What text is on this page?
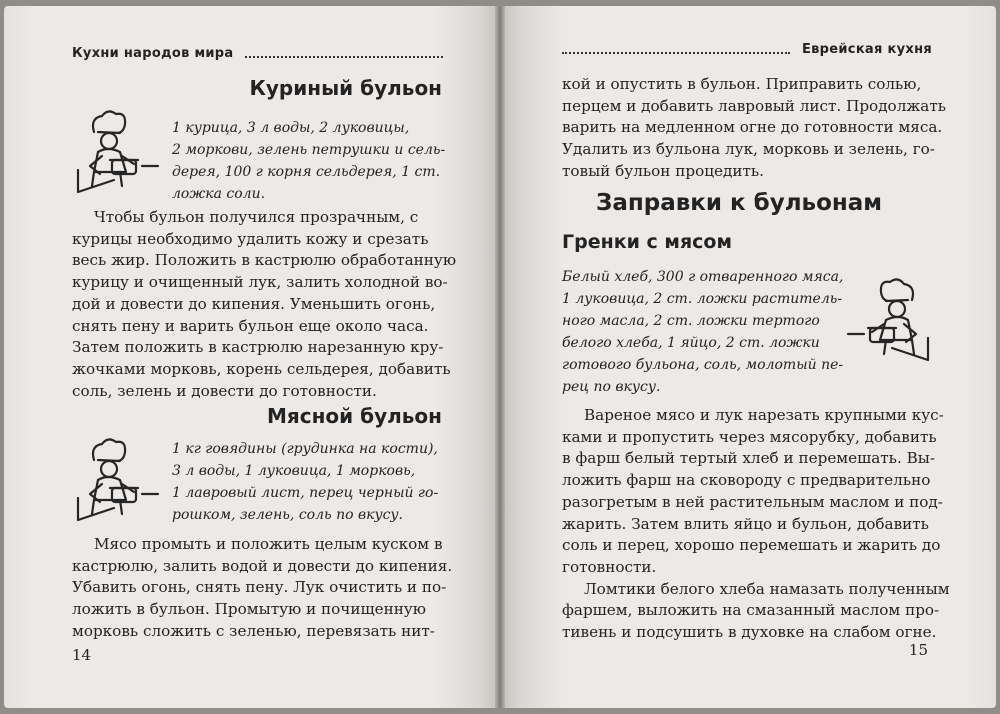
Кухни народов мира
Куриный бульон
1 курица, 3 л воды, 2 луковицы,
2 моркови, зелень петрушки и сель-
дерея, 100 г корня сельдерея, 1 ст.
ложка соли.
Чтобы бульон получился прозрачным, с
курицы необходимо удалить кожу и срезать
весь жир. Положить в кастрюлю обработанную
курицу и очищенный лук, залить холодной во-
дой и довести до кипения. Уменьшить огонь,
снять пену и варить бульон еще около часа.
Затем положить в кастрюлю нарезанную кру-
жочками морковь, корень сельдерея, добавить
соль, зелень и довести до готовности.
Мясной бульон
1 кг говядины (грудинка на кости),
3 л воды, 1 луковица, 1 морковь,
1 лавровый лист, перец черный го-
рошком, зелень, соль по вкусу.
Мясо промыть и положить целым куском в
кастрюлю, залить водой и довести до кипения.
Убавить огонь, снять пену. Лук очистить и по-
ложить в бульон. Промытую и почищенную
морковь сложить с зеленью, перевязать нит-
14
Еврейская кухня
кой и опустить в бульон. Приправить солью,
перцем и добавить лавровый лист. Продолжать
варить на медленном огне до готовности мяса.
Удалить из бульона лук, морковь и зелень, го-
товый бульон процедить.
Заправки к бульонам
Гренки с мясом
Белый хлеб, 300 г отваренного мяса,
1 луковица, 2 ст. ложки раститель-
ного масла, 2 ст. ложки тертого
белого хлеба, 1 яйцо, 2 ст. ложки
готового бульона, соль, молотый пе-
рец по вкусу.
Вареное мясо и лук нарезать крупными кус-
ками и пропустить через мясорубку, добавить
в фарш белый тертый хлеб и перемешать. Вы-
ложить фарш на сковороду с предварительно
разогретым в ней растительным маслом и под-
жарить. Затем влить яйцо и бульон, добавить
соль и перец, хорошо перемешать и жарить до
готовности.
Ломтики белого хлеба намазать полученным
фаршем, выложить на смазанный маслом про-
тивень и подсушить в духовке на слабом огне.
15
